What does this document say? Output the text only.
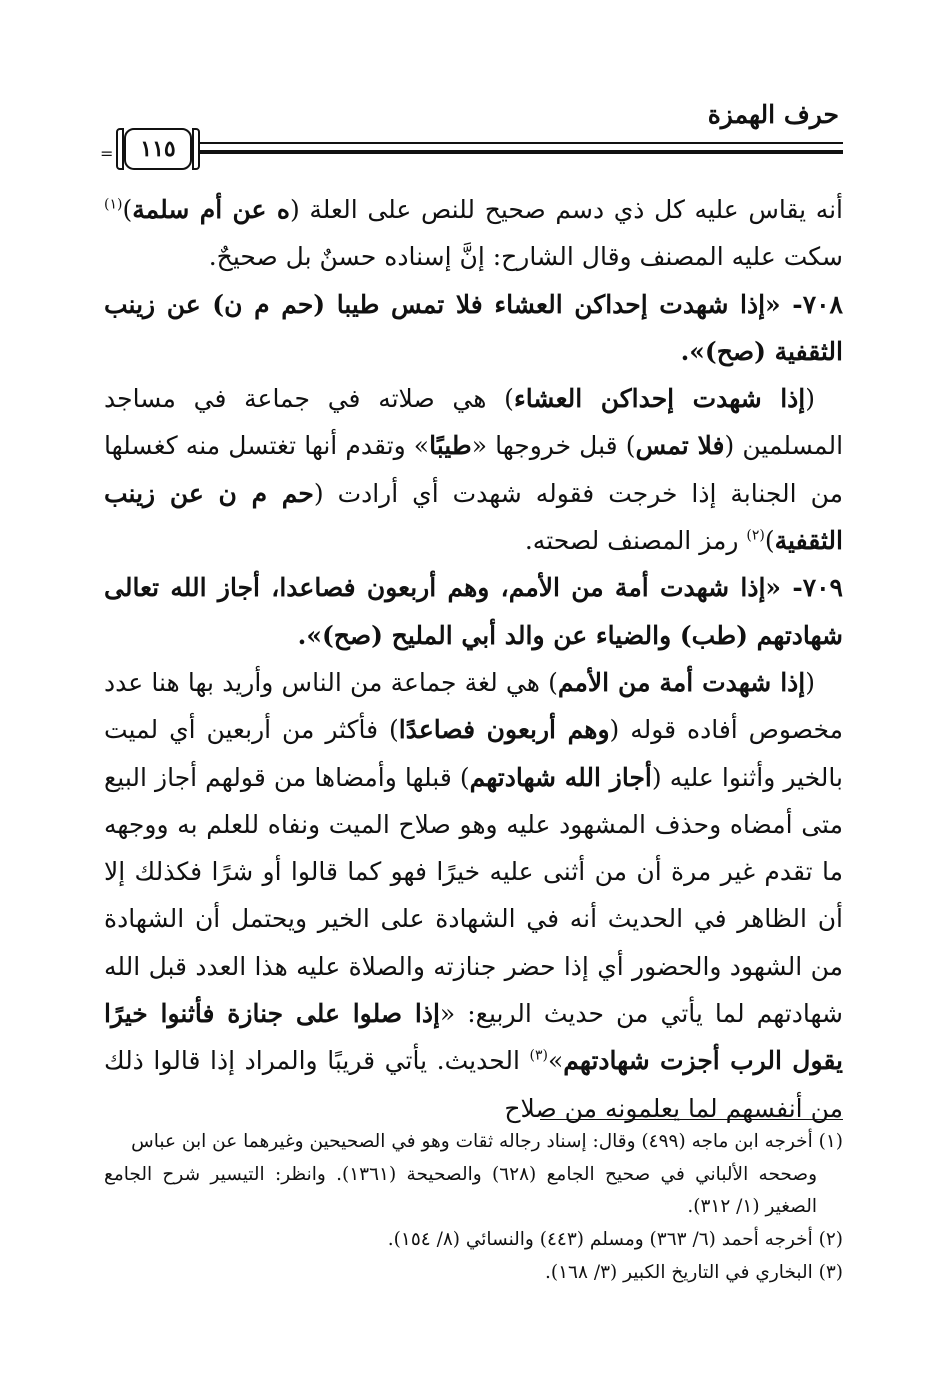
حرف الهمزة
= ١١٥

أنه يقاس عليه كل ذي دسم صحيح للنص على العلة (ه عن أم سلمة)$^{(١)}$ سكت عليه المصنف وقال الشارح: إنَّ إسناده حسنٌ بل صحيحٌ.

٧٠٨- «إذا شهدت إحداكن العشاء فلا تمس طيبا (حم م ن) عن زينب الثقفية (صح)».

(إذا شهدت إحداكن العشاء) هي صلاته في جماعة في مساجد المسلمين (فلا تمس) قبل خروجها «طيبًا» وتقدم أنها تغتسل منه كغسلها من الجنابة إذا خرجت فقوله شهدت أي أرادت (حم م ن عن زينب الثقفية)$^{(٢)}$ رمز المصنف لصحته.

٧٠٩- «إذا شهدت أمة من الأمم، وهم أربعون فصاعدا، أجاز الله تعالى شهادتهم (طب) والضياء عن والد أبي المليح (صح)».

(إذا شهدت أمة من الأمم) هي لغة جماعة من الناس وأريد بها هنا عدد مخصوص أفاده قوله (وهم أربعون فصاعدًا) فأكثر من أربعين أي لميت بالخير وأثنوا عليه (أجاز الله شهادتهم) قبلها وأمضاها من قولهم أجاز البيع متى أمضاه وحذف المشهود عليه وهو صلاح الميت ونفاه للعلم به ووجهه ما تقدم غير مرة أن من أثنى عليه خيرًا فهو كما قالوا أو شرًا فكذلك إلا أن الظاهر في الحديث أنه في الشهادة على الخير ويحتمل أن الشهادة من الشهود والحضور أي إذا حضر جنازته والصلاة عليه هذا العدد قبل الله شهادتهم لما يأتي من حديث الربيع: «إذا صلوا على جنازة فأثنوا خيرًا يقول الرب أجزت شهادتهم»$^{(٣)}$ الحديث. يأتي قريبًا والمراد إذا قالوا ذلك من أنفسهم لما يعلمونه من صلاح

(١) أخرجه ابن ماجه (٤٩٩) وقال: إسناد رجاله ثقات وهو في الصحيحين وغيرهما عن ابن عباس
وصححه الألباني في صحيح الجامع (٦٢٨) والصحيحة (١٣٦١). وانظر: التيسير شرح الجامع الصغير (١/ ٣١٢).

(٢) أخرجه أحمد (٦/ ٣٦٣) ومسلم (٤٤٣) والنسائي (٨/ ١٥٤).

(٣) البخاري في التاريخ الكبير (٣/ ١٦٨).
